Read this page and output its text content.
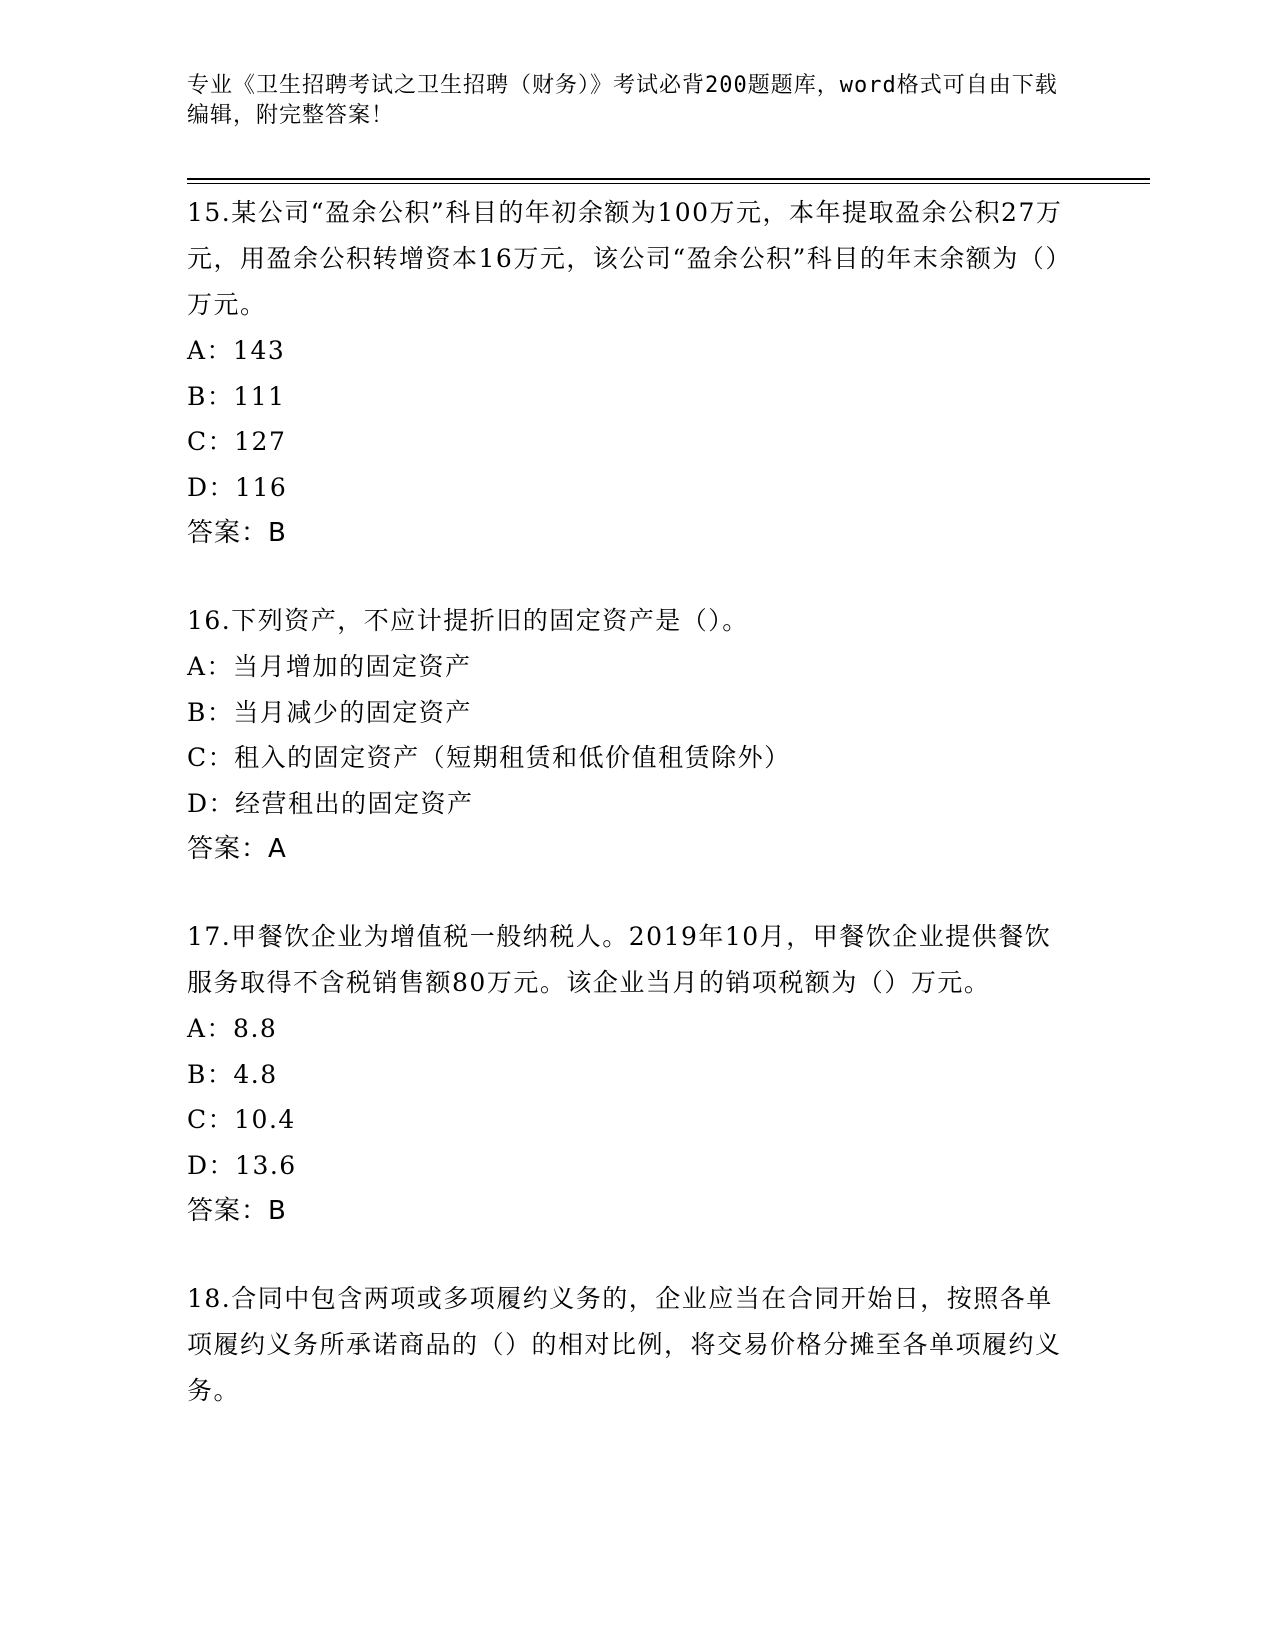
专业《卫生招聘考试之卫生招聘（财务）》考试必背200题题库，word格式可自由下载编辑，附完整答案！
15.某公司“盈余公积”科目的年初余额为100万元，本年提取盈余公积27万元，用盈余公积转增资本16万元，该公司“盈余公积”科目的年末余额为（）万元。
A：143
B：111
C：127
D：116
答案：B
16.下列资产，不应计提折旧的固定资产是（）。
A：当月增加的固定资产
B：当月减少的固定资产
C：租入的固定资产（短期租赁和低价值租赁除外）
D：经营租出的固定资产
答案：A
17.甲餐饮企业为增值税一般纳税人。2019年10月，甲餐饮企业提供餐饮服务取得不含税销售额80万元。该企业当月的销项税额为（）万元。
A：8.8
B：4.8
C：10.4
D：13.6
答案：B
18.合同中包含两项或多项履约义务的，企业应当在合同开始日，按照各单项履约义务所承诺商品的（）的相对比例，将交易价格分摊至各单项履约义务。
